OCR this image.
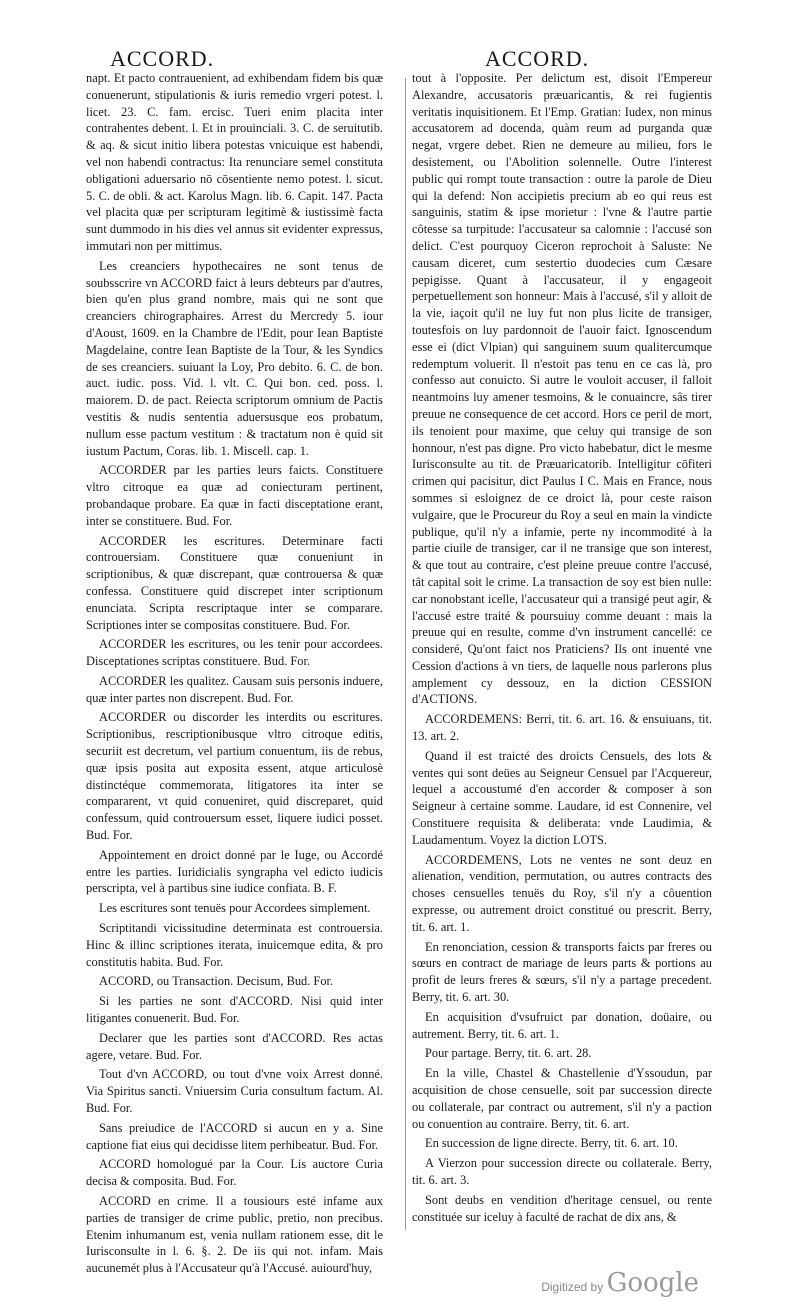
ACCORD.	ACCORD.

napt. Et pacto contrauenient, ad exhibendam fidem bis quæ conuenerunt, stipulationis & iuris remedio vrgeri potest. l. licet. 23. C. fam. ercisc. Tueri enim placita inter contrahentes debent. l. Et in prouinciali. 3. C. de seruitutib. & aq. & sicut initio libera potestas vnicuique est habendi, vel non habendi contractus: Ita renunciare semel constituta obligationi aduersario nō cōsentiente nemo potest. l. sicut. 5. C. de obli. & act. Karolus Magn. lib. 6. Capit. 147. Pacta vel placita quæ per scripturam legitimè & iustissimè facta sunt dummodo in his dies vel annus sit evidenter expressus, immutari non per mittimus.

Les creanciers hypothecaires ne sont tenus de soubsscrire vn ACCORD faict à leurs debteurs par d'autres, bien qu'en plus grand nombre, mais qui ne sont que creanciers chirographaires. Arrest du Mercredy 5. iour d'Aoust, 1609. en la Chambre de l'Edit, pour Iean Baptiste Magdelaine, contre Iean Baptiste de la Tour, & les Syndics de ses creanciers. suiuant la Loy, Pro debito. 6. C. de bon. auct. iudic. poss. Vid. l. vlt. C. Qui bon. ced. poss. l. maiorem. D. de pact. Reiecta scriptorum omnium de Pactis vestitis & nudis sententia aduersusque eos probatum, nullum esse pactum vestitum : & tractatum non è quid sit iustum Pactum, Coras. lib. 1. Miscell. cap. 1.

ACCORDER par les parties leurs faicts. Constituere vltro citroque ea quæ ad coniecturam pertinent, probandaque probare. Ea quæ in facti disceptatione erant, inter se constituere. Bud. For.

ACCORDER les escritures. Determinare facti controuersiam. Constituere quæ conueniunt in scriptionibus, & quæ discrepant, quæ controuersa & quæ confessa. Constituere quid discrepet inter scriptionum enunciata. Scripta rescriptaque inter se comparare. Scriptiones inter se compositas constituere. Bud. For.

ACCORDER les escritures, ou les tenir pour accordees. Disceptationes scriptas constituere. Bud. For.

ACCORDER les qualitez. Causam suis personis induere, quæ inter partes non discrepent. Bud. For.

ACCORDER ou discorder les interdits ou escritures. Scriptionibus, rescriptionibusque vltro citroque editis, securiit est decretum, vel partium conuentum, iis de rebus, quæ ipsis posita aut exposita essent, atque articulosè distinctéque commemorata, litigatores ita inter se compararent, vt quid conueniret, quid discreparet, quid confessum, quid controuersum esset, liquere iudici posset. Bud. For.

Appointement en droict donné par le Iuge, ou Accordé entre les parties. Iuridicialis syngrapha vel edicto iudicis perscripta, vel à partibus sine iudice confiata. B. F.

Les escritures sont tenuës pour Accordees simplement.

Scriptitandi vicissitudine determinata est controuersia. Hinc & illinc scriptiones iterata, inuicemque edita, & pro constitutis habita. Bud. For.

ACCORD, ou Transaction. Decisum, Bud. For.

Si les parties ne sont d'ACCORD. Nisi quid inter litigantes conuenerit. Bud. For.

Declarer que les parties sont d'ACCORD. Res actas agere, vetare. Bud. For.

Tout d'vn ACCORD, ou tout d'vne voix Arrest donné. Via Spiritus sancti. Vniuersim Curia consultum factum. Al. Bud. For.

Sans preiudice de l'ACCORD si aucun en y a. Sine captione fiat eius qui decidisse litem perhibeatur. Bud. For.

ACCORD homologué par la Cour. Lis auctore Curia decisa & composita. Bud. For.

ACCORD en crime. Il a tousiours esté infame aux parties de transiger de crime public, pretio, non precibus. Etenim inhumanum est, venia nullam rationem esse, dit le Iurisconsulte in l. 6. §. 2. De iis qui not. infam. Mais aucunemét plus à l'Accusateur qu'à l'Accusé. auiourd'huy,

tout à l'opposite. Per delictum est, disoit l'Empereur Alexandre, accusatoris præuaricantis, & rei fugientis veritatis inquisitionem. Et l'Emp. Gratian: Iudex, non minus accusatorem ad docenda, quàm reum ad purganda quæ negat, vrgere debet. Rien ne demeure au milieu, fors le desistement, ou l'Abolition solennelle. Outre l'interest public qui rompt toute transaction : outre la parole de Dieu qui la defend: Non accipietis precium ab eo qui reus est sanguinis, statim & ipse morietur : l'vne & l'autre partie côtesse sa turpitude: l'accusateur sa calomnie : l'accusé son delict. C'est pourquoy Ciceron reprochoit à Saluste: Ne causam diceret, cum sestertio duodecies cum Cæsare pepigisse. Quant à l'accusateur, il y engageoit perpetuellement son honneur: Mais à l'accusé, s'il y alloit de la vie, iaçoit qu'il ne luy fut non plus licite de transiger, toutesfois on luy pardonnoit de l'auoir faict. Ignoscendum esse ei (dict Vlpian) qui sanguinem suum qualitercumque redemptum voluerit. Il n'estoit pas tenu en ce cas là, pro confesso aut conuicto. Si autre le vouloit accuser, il falloit neantmoins luy amener tesmoins, & le conuaincre, sâs tirer preuue ne consequence de cet accord. Hors ce peril de mort, ils tenoient pour maxime, que celuy qui transige de son honnour, n'est pas digne. Pro victo habebatur, dict le mesme Iurisconsulte au tit. de Præuaricatorib. Intelligitur cōfiteri crimen qui pacisitur, dict Paulus I C. Mais en France, nous sommes si esloignez de ce droict là, pour ceste raison vulgaire, que le Procureur du Roy a seul en main la vindicte publique, qu'il n'y a infamie, perte ny incommodité à la partie ciuile de transiger, car il ne transige que son interest, & que tout au contraire, c'est pleine preuue contre l'accusé, tât capital soit le crime. La transaction de soy est bien nulle: car nonobstant icelle, l'accusateur qui a transigé peut agir, & l'accusé estre traité & poursuiuy comme deuant : mais la preuue qui en resulte, comme d'vn instrument cancellé: ce consideré, Qu'ont faict nos Praticiens? Ils ont inuenté vne Cession d'actions à vn tiers, de laquelle nous parlerons plus amplement cy dessouz, en la diction CESSION d'ACTIONS.

ACCORDEMENS: Berri, tit. 6. art. 16. & ensuiuans, tit. 13. art. 2.

Quand il est traicté des droicts Censuels, des lots & ventes qui sont deües au Seigneur Censuel par l'Acquereur, lequel a accoustumé d'en accorder & composer à son Seigneur à certaine somme. Laudare, id est Connenire, vel Constituere requisita & deliberata: vnde Laudimia, & Laudamentum. Voyez la diction LOTS.

ACCORDEMENS, Lots ne ventes ne sont deuz en alienation, vendition, permutation, ou autres contracts des choses censuelles tenuës du Roy, s'il n'y a côuention expresse, ou autrement droict constitué ou prescrit. Berry, tit. 6. art. 1.

En renonciation, cession & transports faicts par freres ou sœurs en contract de mariage de leurs parts & portions au profit de leurs freres & sœurs, s'il n'y a partage precedent. Berry, tit. 6. art. 30.

En acquisition d'vsufruict par donation, doüaire, ou autrement. Berry, tit. 6. art. 1.

Pour partage. Berry, tit. 6. art. 28.

En la ville, Chastel & Chastellenie d'Yssoudun, par acquisition de chose censuelle, soit par succession directe ou collaterale, par contract ou autrement, s'il n'y a paction ou conuention au contraire. Berry, tit. 6. art.

En succession de ligne directe. Berry, tit. 6. art. 10.

A Vierzon pour succession directe ou collaterale. Berry, tit. 6. art. 3.

Sont deubs en vendition d'heritage censuel, ou rente constituée sur iceluy à faculté de rachat de dix ans, &

Digitized by Google
